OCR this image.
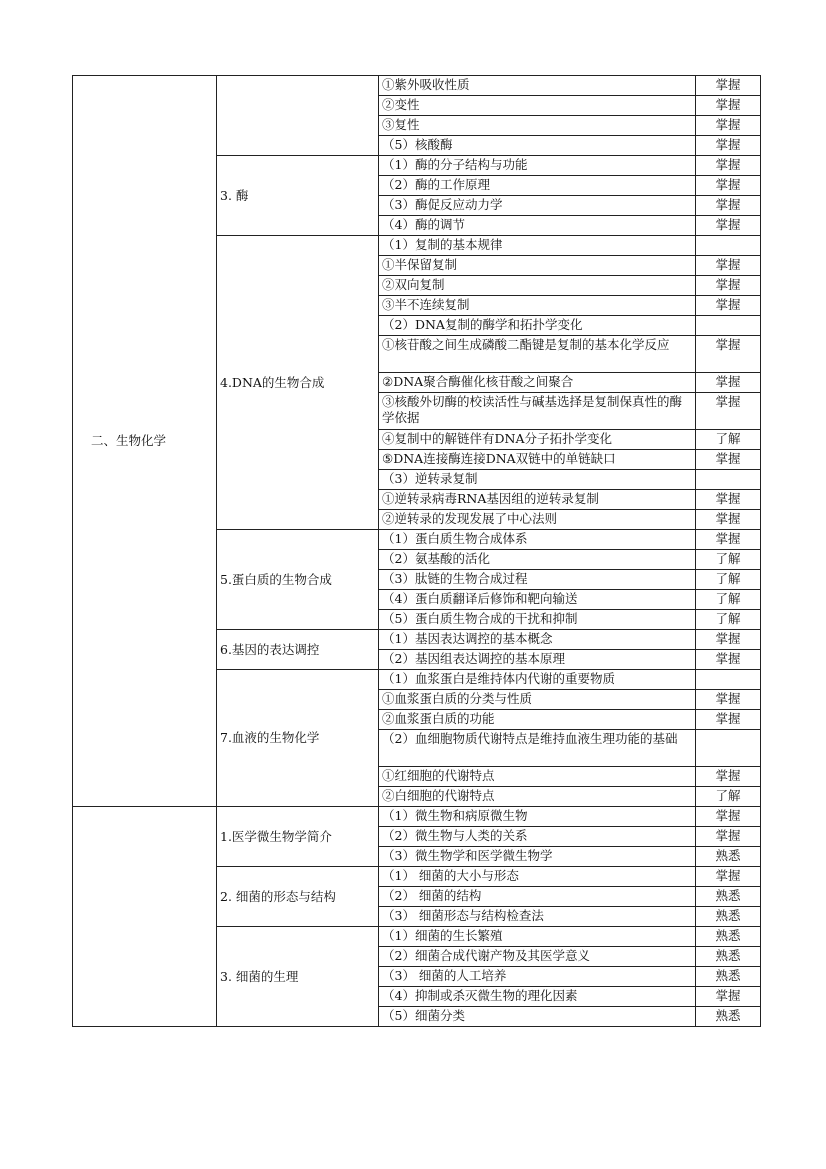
二、生物化学		①紫外吸收性质	掌握
		②变性	掌握
		③复性	掌握
		（5）核酸酶	掌握
	3. 酶	（1）酶的分子结构与功能	掌握
		（2）酶的工作原理	掌握
		（3）酶促反应动力学	掌握
		（4）酶的调节	掌握
	4.DNA的生物合成	（1）复制的基本规律	
		①半保留复制	掌握
		②双向复制	掌握
		③半不连续复制	掌握
		（2）DNA复制的酶学和拓扑学变化	
		①核苷酸之间生成磷酸二酯键是复制的基本化学反应	掌握
		②DNA聚合酶催化核苷酸之间聚合	掌握
		③核酸外切酶的校读活性与碱基选择是复制保真性的酶学依据	掌握
		④复制中的解链伴有DNA分子拓扑学变化	了解
		⑤DNA连接酶连接DNA双链中的单链缺口	掌握
		（3）逆转录复制	
		①逆转录病毒RNA基因组的逆转录复制	掌握
		②逆转录的发现发展了中心法则	掌握
	5.蛋白质的生物合成	（1）蛋白质生物合成体系	掌握
		（2）氨基酸的活化	了解
		（3）肽链的生物合成过程	了解
		（4）蛋白质翻译后修饰和靶向输送	了解
		（5）蛋白质生物合成的干扰和抑制	了解
	6.基因的表达调控	（1）基因表达调控的基本概念	掌握
		（2）基因组表达调控的基本原理	掌握
	7.血液的生物化学	（1）血浆蛋白是维持体内代谢的重要物质	
		①血浆蛋白质的分类与性质	掌握
		②血浆蛋白质的功能	掌握
		（2）血细胞物质代谢特点是维持血液生理功能的基础	
		①红细胞的代谢特点	掌握
		②白细胞的代谢特点	了解
	1.医学微生物学简介	（1）微生物和病原微生物	掌握
		（2）微生物与人类的关系	掌握
		（3）微生物学和医学微生物学	熟悉
	2. 细菌的形态与结构	（1） 细菌的大小与形态	掌握
		（2） 细菌的结构	熟悉
		（3） 细菌形态与结构检查法	熟悉
	3. 细菌的生理	（1）细菌的生长繁殖	熟悉
		（2）细菌合成代谢产物及其医学意义	熟悉
		（3） 细菌的人工培养	熟悉
		（4）抑制或杀灭微生物的理化因素	掌握
		（5）细菌分类	熟悉
